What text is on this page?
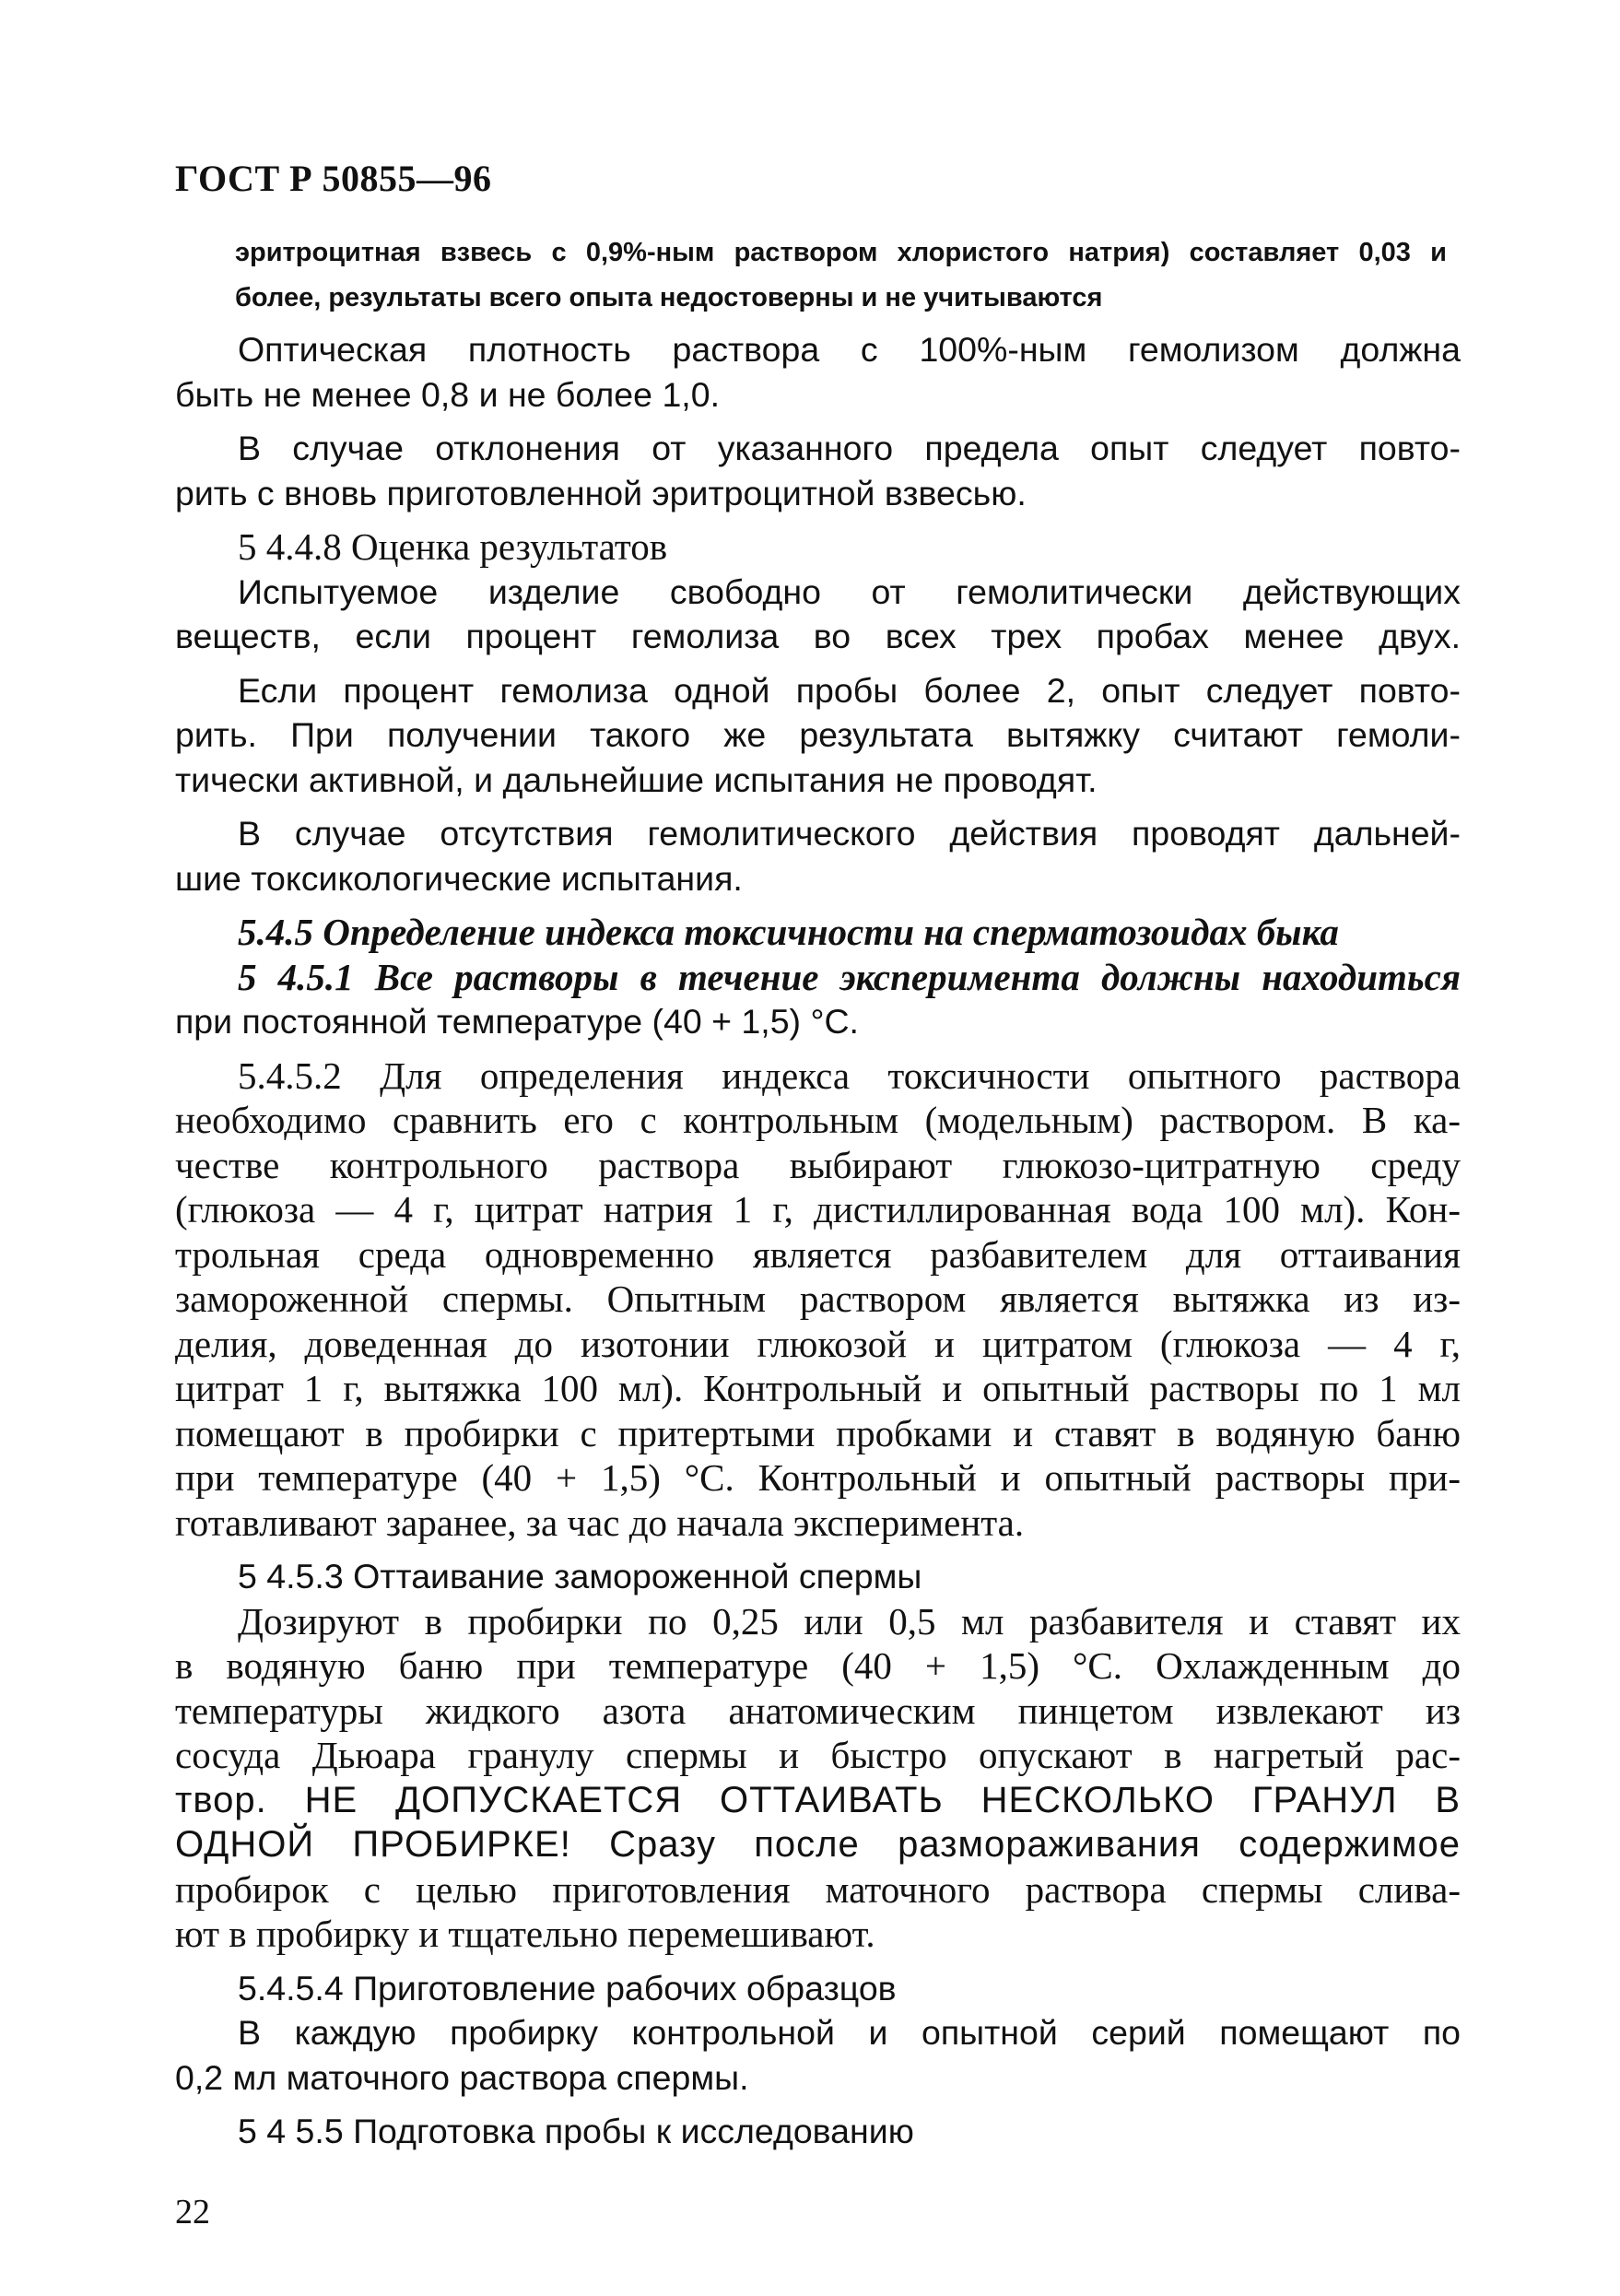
ГОСТ Р 50855—96
эритроцитная взвесь с 0,9%-ным раствором хлористого натрия) составляет 0,03 и
более, результаты всего опыта недостоверны и не учитываются
Оптическая плотность раствора с 100%-ным гемолизом должна
быть не менее 0,8 и не более 1,0.
В случае отклонения от указанного предела опыт следует повто-
рить с вновь приготовленной эритроцитной взвесью.
5 4.4.8 Оценка результатов
Испытуемое изделие свободно от гемолитически действующих
веществ, если процент гемолиза во всех трех пробах менее двух.
Если процент гемолиза одной пробы более 2, опыт следует повто-
рить. При получении такого же результата вытяжку считают гемоли-
тически активной, и дальнейшие испытания не проводят.
В случае отсутствия гемолитического действия проводят дальней-
шие токсикологические испытания.
5.4.5 Определение индекса токсичности на сперматозоидах быка
5 4.5.1 Все растворы в течение эксперимента должны находиться
при постоянной температуре (40 + 1,5) °С.
5.4.5.2 Для определения индекса токсичности опытного раствора
необходимо сравнить его с контрольным (модельным) раствором. В ка-
честве контрольного раствора выбирают глюкозо-цитратную среду
(глюкоза — 4 г, цитрат натрия 1 г, дистиллированная вода 100 мл). Кон-
трольная среда одновременно является разбавителем для оттаивания
замороженной спермы. Опытным раствором является вытяжка из из-
делия, доведенная до изотонии глюкозой и цитратом (глюкоза — 4 г,
цитрат 1 г, вытяжка 100 мл). Контрольный и опытный растворы по 1 мл
помещают в пробирки с притертыми пробками и ставят в водяную баню
при температуре (40 + 1,5) °С. Контрольный и опытный растворы при-
готавливают заранее, за час до начала эксперимента.
5 4.5.3 Оттаивание замороженной спермы
Дозируют в пробирки по 0,25 или 0,5 мл разбавителя и ставят их
в водяную баню при температуре (40 + 1,5) °С. Охлажденным до
температуры жидкого азота анатомическим пинцетом извлекают из
сосуда Дьюара гранулу спермы и быстро опускают в нагретый рас-
твор. НЕ ДОПУСКАЕТСЯ ОТТАИВАТЬ НЕСКОЛЬКО ГРАНУЛ В
ОДНОЙ ПРОБИРКЕ! Сразу после размораживания содержимое
пробирок с целью приготовления маточного раствора спермы слива-
ют в пробирку и тщательно перемешивают.
5.4.5.4 Приготовление рабочих образцов
В каждую пробирку контрольной и опытной серий помещают по
0,2 мл маточного раствора спермы.
5 4 5.5 Подготовка пробы к исследованию
22
